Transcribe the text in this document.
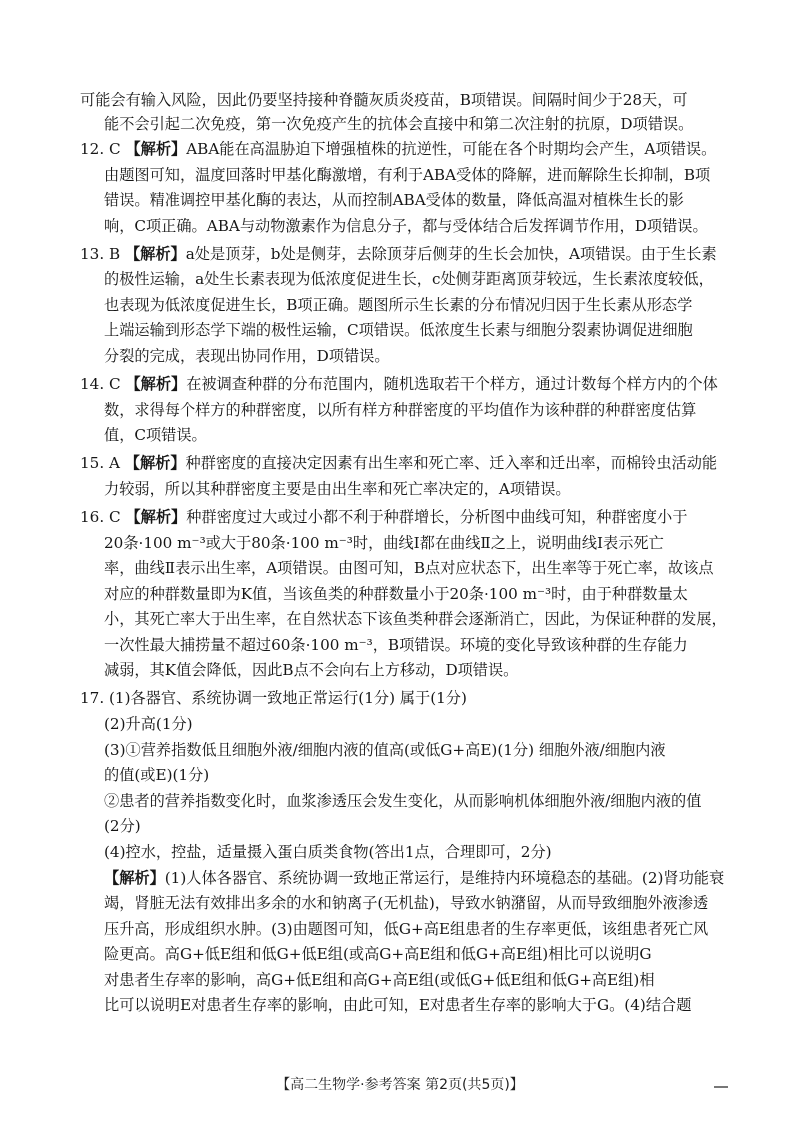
可能会有输入风险，因此仍要坚持接种脊髓灰质炎疫苗，B项错误。间隔时间少于28天，可
能不会引起二次免疫，第一次免疫产生的抗体会直接中和第二次注射的抗原，D项错误。
12. C 【解析】ABA能在高温胁迫下增强植株的抗逆性，可能在各个时期均会产生，A项错误。
由题图可知，温度回落时甲基化酶激增，有利于ABA受体的降解，进而解除生长抑制，B项
错误。精准调控甲基化酶的表达，从而控制ABA受体的数量，降低高温对植株生长的影
响，C项正确。ABA与动物激素作为信息分子，都与受体结合后发挥调节作用，D项错误。
13. B 【解析】a处是顶芽，b处是侧芽，去除顶芽后侧芽的生长会加快，A项错误。由于生长素
的极性运输，a处生长素表现为低浓度促进生长，c处侧芽距离顶芽较远，生长素浓度较低，
也表现为低浓度促进生长，B项正确。题图所示生长素的分布情况归因于生长素从形态学
上端运输到形态学下端的极性运输，C项错误。低浓度生长素与细胞分裂素协调促进细胞
分裂的完成，表现出协同作用，D项错误。
14. C 【解析】在被调查种群的分布范围内，随机选取若干个样方，通过计数每个样方内的个体
数，求得每个样方的种群密度，以所有样方种群密度的平均值作为该种群的种群密度估算
值，C项错误。
15. A 【解析】种群密度的直接决定因素有出生率和死亡率、迁入率和迁出率，而棉铃虫活动能
力较弱，所以其种群密度主要是由出生率和死亡率决定的，A项错误。
16. C 【解析】种群密度过大或过小都不利于种群增长，分析图中曲线可知，种群密度小于
20条·100 m⁻³或大于80条·100 m⁻³时，曲线Ⅰ都在曲线Ⅱ之上，说明曲线Ⅰ表示死亡
率，曲线Ⅱ表示出生率，A项错误。由图可知，B点对应状态下，出生率等于死亡率，故该点
对应的种群数量即为K值，当该鱼类的种群数量小于20条·100 m⁻³时，由于种群数量太
小，其死亡率大于出生率，在自然状态下该鱼类种群会逐渐消亡，因此，为保证种群的发展，
一次性最大捕捞量不超过60条·100 m⁻³，B项错误。环境的变化导致该种群的生存能力
减弱，其K值会降低，因此B点不会向右上方移动，D项错误。
17. (1)各器官、系统协调一致地正常运行(1分) 属于(1分)
(2)升高(1分)
(3)①营养指数低且细胞外液/细胞内液的值高(或低G+高E)(1分) 细胞外液/细胞内液
的值(或E)(1分)
②患者的营养指数变化时，血浆渗透压会发生变化，从而影响机体细胞外液/细胞内液的值
(2分)
(4)控水，控盐，适量摄入蛋白质类食物(答出1点，合理即可，2分)
【解析】(1)人体各器官、系统协调一致地正常运行，是维持内环境稳态的基础。(2)肾功能衰
竭，肾脏无法有效排出多余的水和钠离子(无机盐)，导致水钠潴留，从而导致细胞外液渗透
压升高，形成组织水肿。(3)由题图可知，低G+高E组患者的生存率更低，该组患者死亡风
险更高。高G+低E组和低G+低E组(或高G+高E组和低G+高E组)相比可以说明G
对患者生存率的影响，高G+低E组和高G+高E组(或低G+低E组和低G+高E组)相
比可以说明E对患者生存率的影响，由此可知，E对患者生存率的影响大于G。(4)结合题
【高二生物学·参考答案 第2页(共5页)】
